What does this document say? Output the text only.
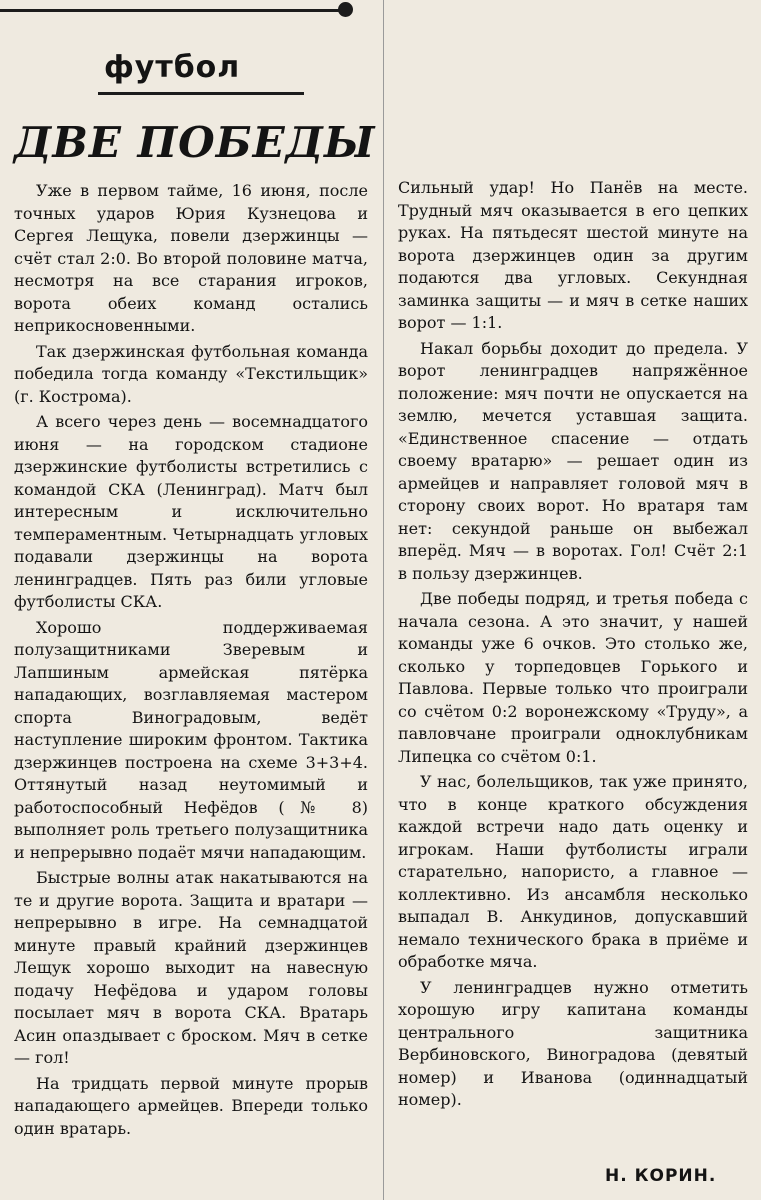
футбол
ДВЕ ПОБЕДЫ

Уже в первом тайме, 16 июня, после точных ударов Юрия Кузнецова и Сергея Лещука, повели дзержинцы — счёт стал 2:0. Во второй половине матча, несмотря на все старания игроков, ворота обеих команд остались неприкосновенными.

Так дзержинская футбольная команда победила тогда команду «Текстильщик» (г. Кострома).

А всего через день — восемнадцатого июня — на городском стадионе дзержинские футболисты встретились с командой СКА (Ленинград). Матч был интересным и исключительно темпераментным. Четырнадцать угловых подавали дзержинцы на ворота ленинградцев. Пять раз били угловые футболисты СКА.

Хорошо поддерживаемая полузащитниками Зверевым и Лапшиным армейская пятёрка нападающих, возглавляемая мастером спорта Виноградовым, ведёт наступление широким фронтом. Тактика дзержинцев построена на схеме 3+3+4. Оттянутый назад неутомимый и работоспособный Нефёдов (№ 8) выполняет роль третьего полузащитника и непрерывно подаёт мячи нападающим.

Быстрые волны атак накатываются на те и другие ворота. Защита и вратари — непрерывно в игре. На семнадцатой минуте правый крайний дзержинцев Лещук хорошо выходит на навесную подачу Нефёдова и ударом головы посылает мяч в ворота СКА. Вратарь Асин опаздывает с броском. Мяч в сетке — гол!

На тридцать первой минуте прорыв нападающего армейцев. Впереди только один вратарь.

Сильный удар! Но Панёв на месте. Трудный мяч оказывается в его цепких руках. На пятьдесят шестой минуте на ворота дзержинцев один за другим подаются два угловых. Секундная заминка защиты — и мяч в сетке наших ворот — 1:1.

Накал борьбы доходит до предела. У ворот ленинградцев напряжённое положение: мяч почти не опускается на землю, мечется уставшая защита. «Единственное спасение — отдать своему вратарю» — решает один из армейцев и направляет головой мяч в сторону своих ворот. Но вратаря там нет: секундой раньше он выбежал вперёд. Мяч — в воротах. Гол! Счёт 2:1 в пользу дзержинцев.

Две победы подряд, и третья победа с начала сезона. А это значит, у нашей команды уже 6 очков. Это столько же, сколько у торпедовцев Горького и Павлова. Первые только что проиграли со счётом 0:2 воронежскому «Труду», а павловчане проиграли одноклубникам Липецка со счётом 0:1.

У нас, болельщиков, так уже принято, что в конце краткого обсуждения каждой встречи надо дать оценку и игрокам. Наши футболисты играли старательно, напористо, а главное — коллективно. Из ансамбля несколько выпадал В. Анкудинов, допускавший немало технического брака в приёме и обработке мяча.

У ленинградцев нужно отметить хорошую игру капитана команды центрального защитника Вербиновского, Виноградова (девятый номер) и Иванова (одиннадцатый номер).

Н. КОРИН.
